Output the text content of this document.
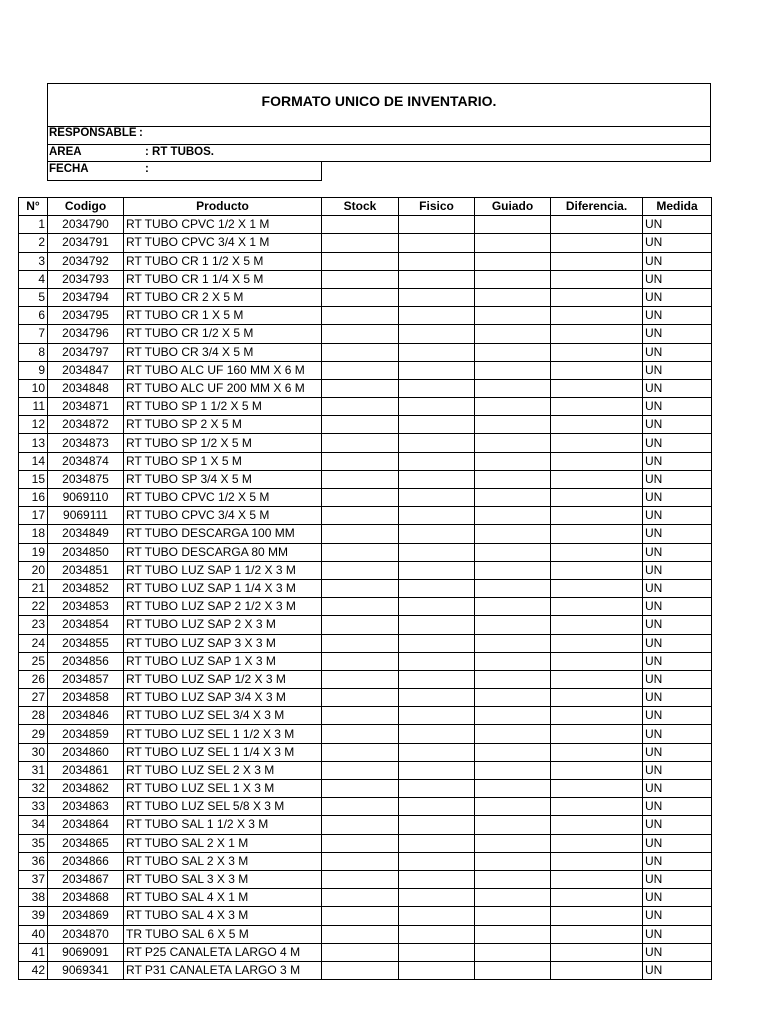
FORMATO UNICO DE INVENTARIO.
RESPONSABLE :
AREA	: RT TUBOS.
FECHA	:
N°	Codigo	Producto	Stock	Fisico	Guiado	Diferencia.	Medida
1	2034790	RT TUBO CPVC 1/2 X 1 M					UN
2	2034791	RT TUBO CPVC 3/4 X 1 M					UN
3	2034792	RT TUBO CR 1 1/2 X 5 M					UN
4	2034793	RT TUBO CR 1 1/4 X 5 M					UN
5	2034794	RT TUBO CR 2 X 5 M					UN
6	2034795	RT TUBO CR 1 X 5 M					UN
7	2034796	RT TUBO CR 1/2 X 5 M					UN
8	2034797	RT TUBO CR 3/4 X 5 M					UN
9	2034847	RT TUBO ALC UF 160 MM X 6 M					UN
10	2034848	RT TUBO ALC UF 200 MM X 6 M					UN
11	2034871	RT TUBO SP 1 1/2 X 5 M					UN
12	2034872	RT TUBO SP 2 X 5 M					UN
13	2034873	RT TUBO SP 1/2 X 5 M					UN
14	2034874	RT TUBO SP 1 X 5 M					UN
15	2034875	RT TUBO SP 3/4 X 5 M					UN
16	9069110	RT TUBO CPVC 1/2 X 5 M					UN
17	9069111	RT TUBO CPVC 3/4 X 5 M					UN
18	2034849	RT TUBO DESCARGA 100 MM					UN
19	2034850	RT TUBO DESCARGA 80 MM					UN
20	2034851	RT TUBO LUZ SAP 1 1/2 X 3 M					UN
21	2034852	RT TUBO LUZ SAP 1 1/4 X 3 M					UN
22	2034853	RT TUBO LUZ SAP 2 1/2 X 3 M					UN
23	2034854	RT TUBO LUZ SAP 2 X 3 M					UN
24	2034855	RT TUBO LUZ SAP 3 X 3 M					UN
25	2034856	RT TUBO LUZ SAP 1 X 3 M					UN
26	2034857	RT TUBO LUZ SAP 1/2 X 3 M					UN
27	2034858	RT TUBO LUZ SAP 3/4 X 3 M					UN
28	2034846	RT TUBO LUZ SEL 3/4 X 3 M					UN
29	2034859	RT TUBO LUZ SEL 1 1/2 X 3 M					UN
30	2034860	RT TUBO LUZ SEL 1 1/4 X 3 M					UN
31	2034861	RT TUBO LUZ SEL 2 X 3 M					UN
32	2034862	RT TUBO LUZ SEL 1 X 3 M					UN
33	2034863	RT TUBO LUZ SEL 5/8 X 3 M					UN
34	2034864	RT TUBO SAL 1 1/2 X 3 M					UN
35	2034865	RT TUBO SAL 2 X 1 M					UN
36	2034866	RT TUBO SAL 2 X 3 M					UN
37	2034867	RT TUBO SAL 3 X 3 M					UN
38	2034868	RT TUBO SAL 4 X 1 M					UN
39	2034869	RT TUBO SAL 4 X 3 M					UN
40	2034870	TR TUBO SAL 6 X 5 M					UN
41	9069091	RT P25 CANALETA LARGO 4 M					UN
42	9069341	RT P31 CANALETA LARGO 3 M					UN
